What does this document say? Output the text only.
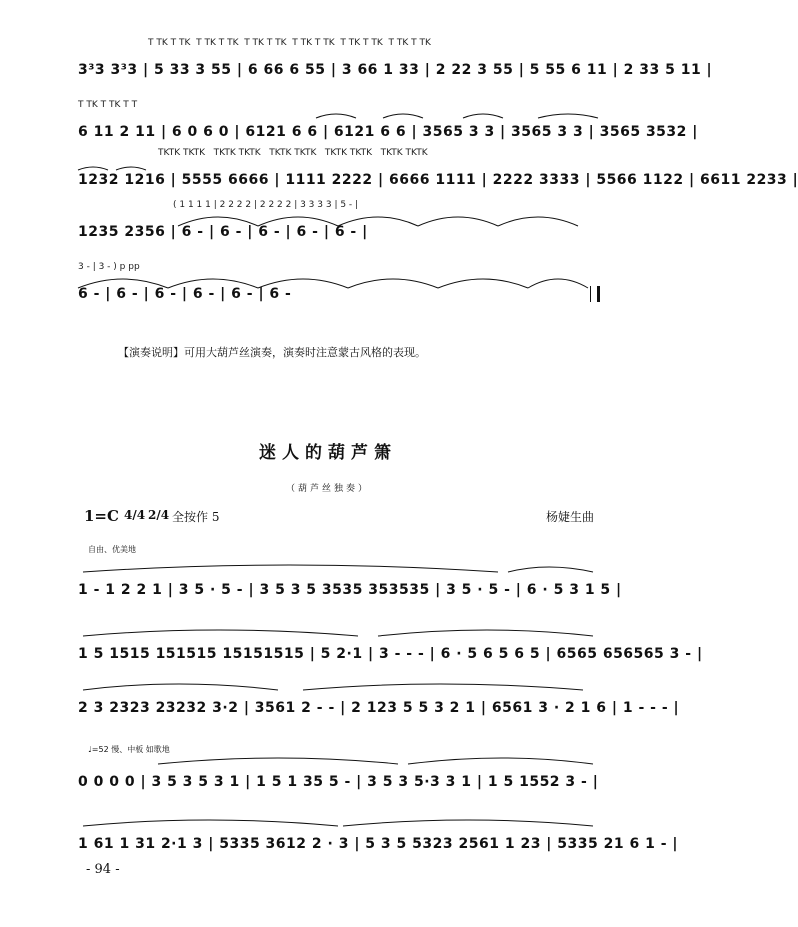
T TK T TK  T TK T TK  T TK T TK  T TK T TK  T TK T TK  T TK T TK
3³3 3³3 | 5 33 3 55 | 6 66 6 55 | 3 66 1 33 | 2 22 3 55 | 5 55 6 11 | 2 33 5 11 |
T TK T TK T T
6 11 2 11 | 6 0 6 0 | 6121 6 6 | 6121 6 6 | 3565 3 3 | 3565 3 3 | 3565 3532 |
TKTK TKTK   TKTK TKTK   TKTK TKTK   TKTK TKTK   TKTK TKTK
1232 1216 | 5555 6666 | 1111 2222 | 6666 1111 | 2222 3333 | 5566 1122 | 6611 2233 |
( 1 1 1 1 | 2 2 2 2 | 2 2 2 2 | 3 3 3 3 | 5 - |
1235 2356 | 6 - | 6 - | 6 - | 6 - | 6 - |
3 - | 3 - ) p pp
6 - | 6 - | 6 - | 6 - | 6 - | 6 -
【演奏说明】可用大葫芦丝演奏，演奏时注意蒙古风格的表现。
迷人的葫芦箫
（葫芦丝独奏）
1=C 4/4 2/4 全按作 5	杨婕生曲
自由、优美地
1 - 1 2 2 1 | 3 5 · 5 - | 3 5 3 5 3535 353535 | 3 5 · 5 - | 6 · 5 3 1 5 |
1 5 1515 151515 15151515 | 5 2·1 | 3 - - - | 6 · 5 6 5 6 5 | 6565 656565 3 - |
2 3 2323 23232 3·2 | 3561 2 - - | 2 123 5 5 3 2 1 | 6561 3 · 2 1 6 | 1 - - - |
♩=52 慢、中板 如歌地
0 0 0 0 | 3 5 3 5 3 1 | 1 5 1 35 5 - | 3 5 3 5·3 3 1 | 1 5 1552 3 - |
1 61 1 31 2·1 3 | 5335 3612 2 · 3 | 5 3 5 5323 2561 1 23 | 5335 21 6 1 - |
- 94 -
